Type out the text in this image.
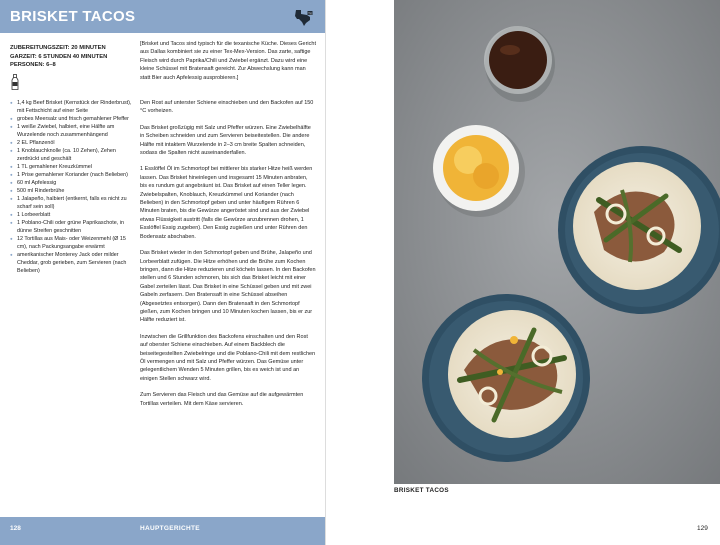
BRISKET TACOS	TX
ZUBEREITUNGSZEIT: 20 MINUTEN
GARZEIT: 6 STUNDEN 40 MINUTEN
PERSONEN: 6–8
● 1,4 kg Beef Brisket (Kernstück der Rinderbrust), mit Fettschicht auf einer Seite
● grobes Meersalz und frisch gemahlener Pfeffer
● 1 weiße Zwiebel, halbiert, eine Hälfte am Wurzelende noch zusammenhängend
● 2 EL Pflanzenöl
● 1 Knoblauchknolle (ca. 10 Zehen), Zehen zerdrückt und geschält
● 1 TL gemahlener Kreuzkümmel
● 1 Prise gemahlener Koriander (nach Belieben)
● 60 ml Apfelessig
● 500 ml Rinderbrühe
● 1 Jalapeño, halbiert (entkernt, falls es nicht zu scharf sein soll)
● 1 Lorbeerblatt
● 1 Poblano-Chili oder grüne Paprikaschote, in dünne Streifen geschnitten
● 12 Tortillas aus Mais- oder Weizenmehl (Ø 15 cm), nach Packungsangabe erwärmt
● amerikanischer Monterey Jack oder milder Cheddar, grob gerieben, zum Servieren (nach Belieben)

[Brisket und Tacos sind typisch für die texanische Küche. Dieses Gericht aus Dallas kombiniert sie zu einer Tex-Mex-Version. Das zarte, saftige Fleisch wird durch Paprika/Chili und Zwiebel ergänzt. Dazu wird eine kleine Schüssel mit Bratensaft gereicht. Zur Abwechslung kann man statt Bier auch Apfelessig ausprobieren.]

Den Rost auf unterster Schiene einschieben und den Backofen auf 150 °C vorheizen.

Das Brisket großzügig mit Salz und Pfeffer würzen. Eine Zwiebelhälfte in Scheiben schneiden und zum Servieren beiseitestellen. Die andere Hälfte mit intaktem Wurzelende in 2–3 cm breite Spalten schneiden, sodass die Spalten nicht auseinanderfallen.

1 Esslöffel Öl im Schmortopf bei mittlerer bis starker Hitze heiß werden lassen. Das Brisket hineinlegen und insgesamt 15 Minuten anbraten, bis es rundum gut angebräunt ist. Das Brisket auf einen Teller legen. Zwiebelspalten, Knoblauch, Kreuzkümmel und Koriander (nach Belieben) in den Schmortopf geben und unter häufigem Rühren 6 Minuten braten, bis die Gewürze angeröstet sind und aus der Zwiebel etwas Flüssigkeit austritt (falls die Gewürze anzubrennen drohen, 1 Esslöffel Essig zugeben). Den Essig zugießen und unter Rühren den Bodensatz abschaben.

Das Brisket wieder in den Schmortopf geben und Brühe, Jalapeño und Lorbeerblatt zufügen. Die Hitze erhöhen und die Brühe zum Kochen bringen, dann die Hitze reduzieren und köcheln lassen. In den Backofen stellen und 6 Stunden schmoren, bis sich das Brisket leicht mit einer Gabel zerteilen lässt. Das Brisket in eine Schüssel geben und mit zwei Gabeln zerfasern. Den Bratensaft in eine Schüssel abseihen (Abgesetztes entsorgen). Dann den Bratensaft in den Schmortopf gießen, zum Kochen bringen und 10 Minuten kochen lassen, bis er zur Hälfte reduziert ist.

Inzwischen die Grillfunktion des Backofens einschalten und den Rost auf oberster Schiene einschieben. Auf einem Backblech die beiseitegestellten Zwiebelringe und die Poblano-Chili mit dem restlichen Öl vermengen und mit Salz und Pfeffer würzen. Das Gemüse unter gelegentlichem Wenden 5 Minuten grillen, bis es weich ist und an einigen Stellen schwarz wird.

Zum Servieren das Fleisch und das Gemüse auf die aufgewärmten Tortillas verteilen. Mit dem Käse servieren.

128	HAUPTGERICHTE
BRISKET TACOS
129
